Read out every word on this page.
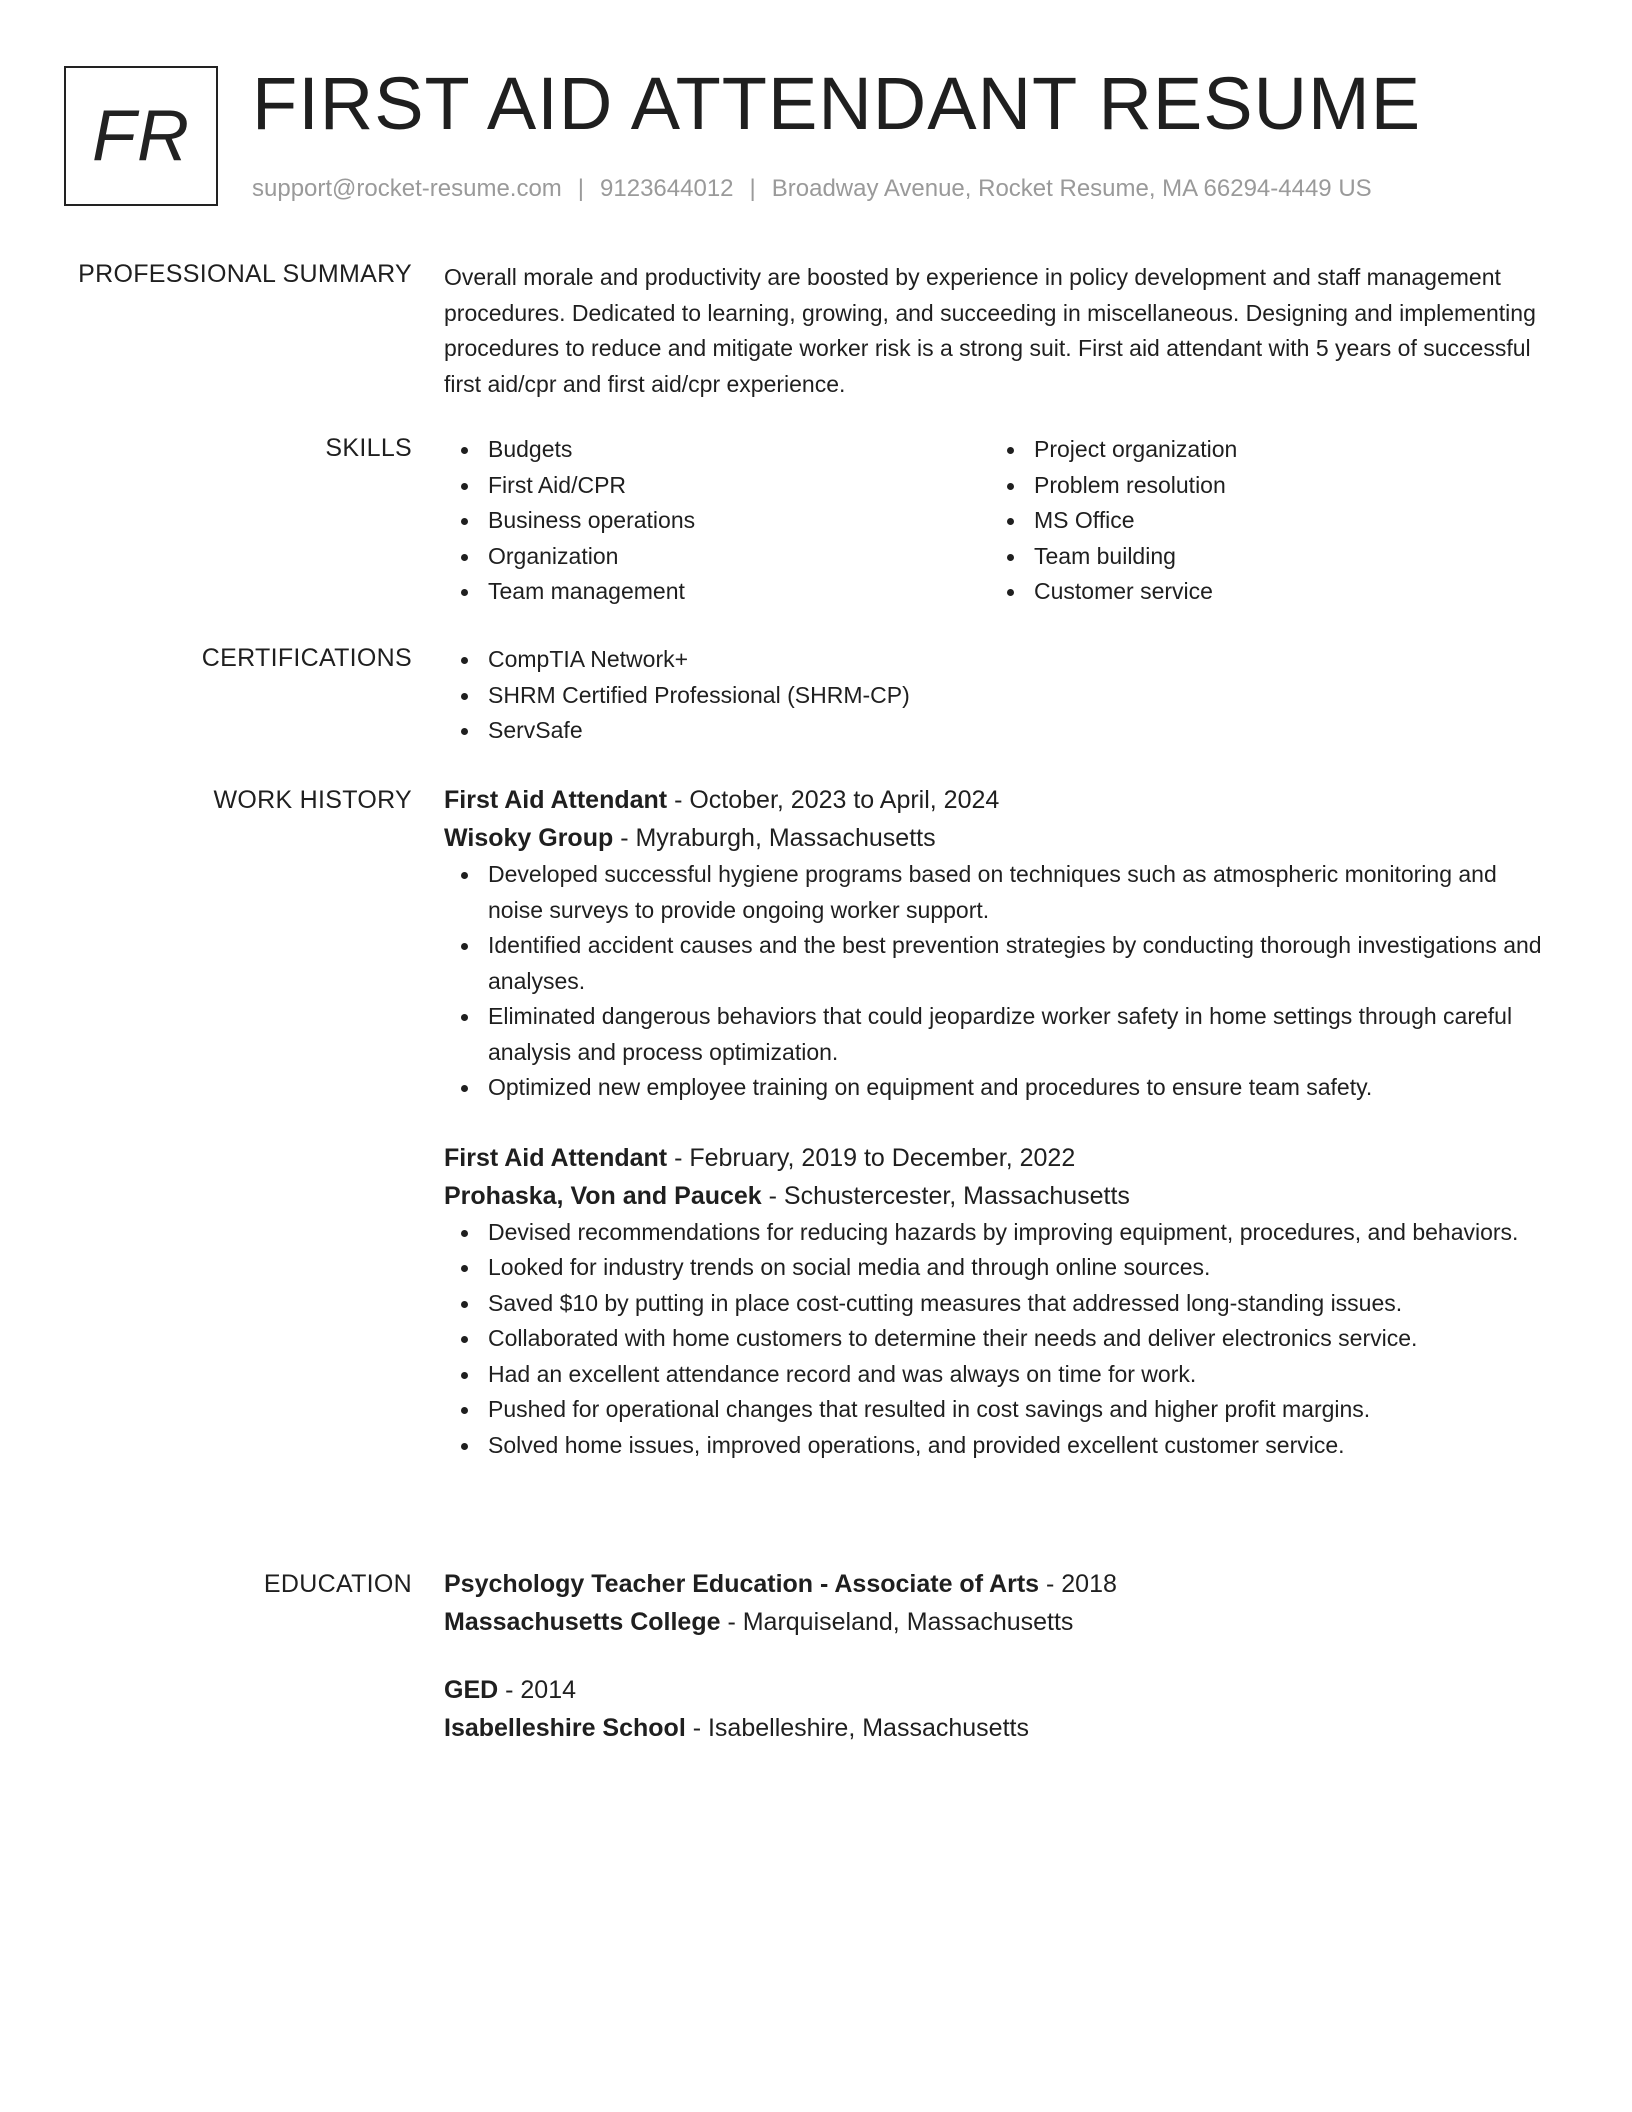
FR FIRST AID ATTENDANT RESUME
support@rocket-resume.com | 9123644012 | Broadway Avenue, Rocket Resume, MA 66294-4449 US
PROFESSIONAL SUMMARY Overall morale and productivity are boosted by experience in policy development and staff management procedures. Dedicated to learning, growing, and succeeding in miscellaneous. Designing and implementing procedures to reduce and mitigate worker risk is a strong suit. First aid attendant with 5 years of successful first aid/cpr and first aid/cpr experience.

SKILLS	Budgets
First Aid/CPR
Business operations
Organization
Team management
Project organization
Problem resolution
MS Office
Team building
Customer service
CERTIFICATIONS	CompTIA Network+
SHRM Certified Professional (SHRM-CP)
ServSafe
WORK HISTORY First Aid Attendant - October, 2023 to April, 2024
Wisoky Group - Myraburgh, Massachusetts
Developed successful hygiene programs based on techniques such as atmospheric monitoring and noise surveys to provide ongoing worker support.
Identified accident causes and the best prevention strategies by conducting thorough investigations and analyses.
Eliminated dangerous behaviors that could jeopardize worker safety in home settings through careful analysis and process optimization.
Optimized new employee training on equipment and procedures to ensure team safety.
First Aid Attendant - February, 2019 to December, 2022
Prohaska, Von and Paucek - Schustercester, Massachusetts
Devised recommendations for reducing hazards by improving equipment, procedures, and behaviors.
Looked for industry trends on social media and through online sources.
Saved $10 by putting in place cost-cutting measures that addressed long-standing issues.
Collaborated with home customers to determine their needs and deliver electronics service.
Had an excellent attendance record and was always on time for work.
Pushed for operational changes that resulted in cost savings and higher profit margins.
Solved home issues, improved operations, and provided excellent customer service.
EDUCATION Psychology Teacher Education - Associate of Arts - 2018
Massachusetts College - Marquiseland, Massachusetts
GED - 2014
Isabelleshire School - Isabelleshire, Massachusetts
